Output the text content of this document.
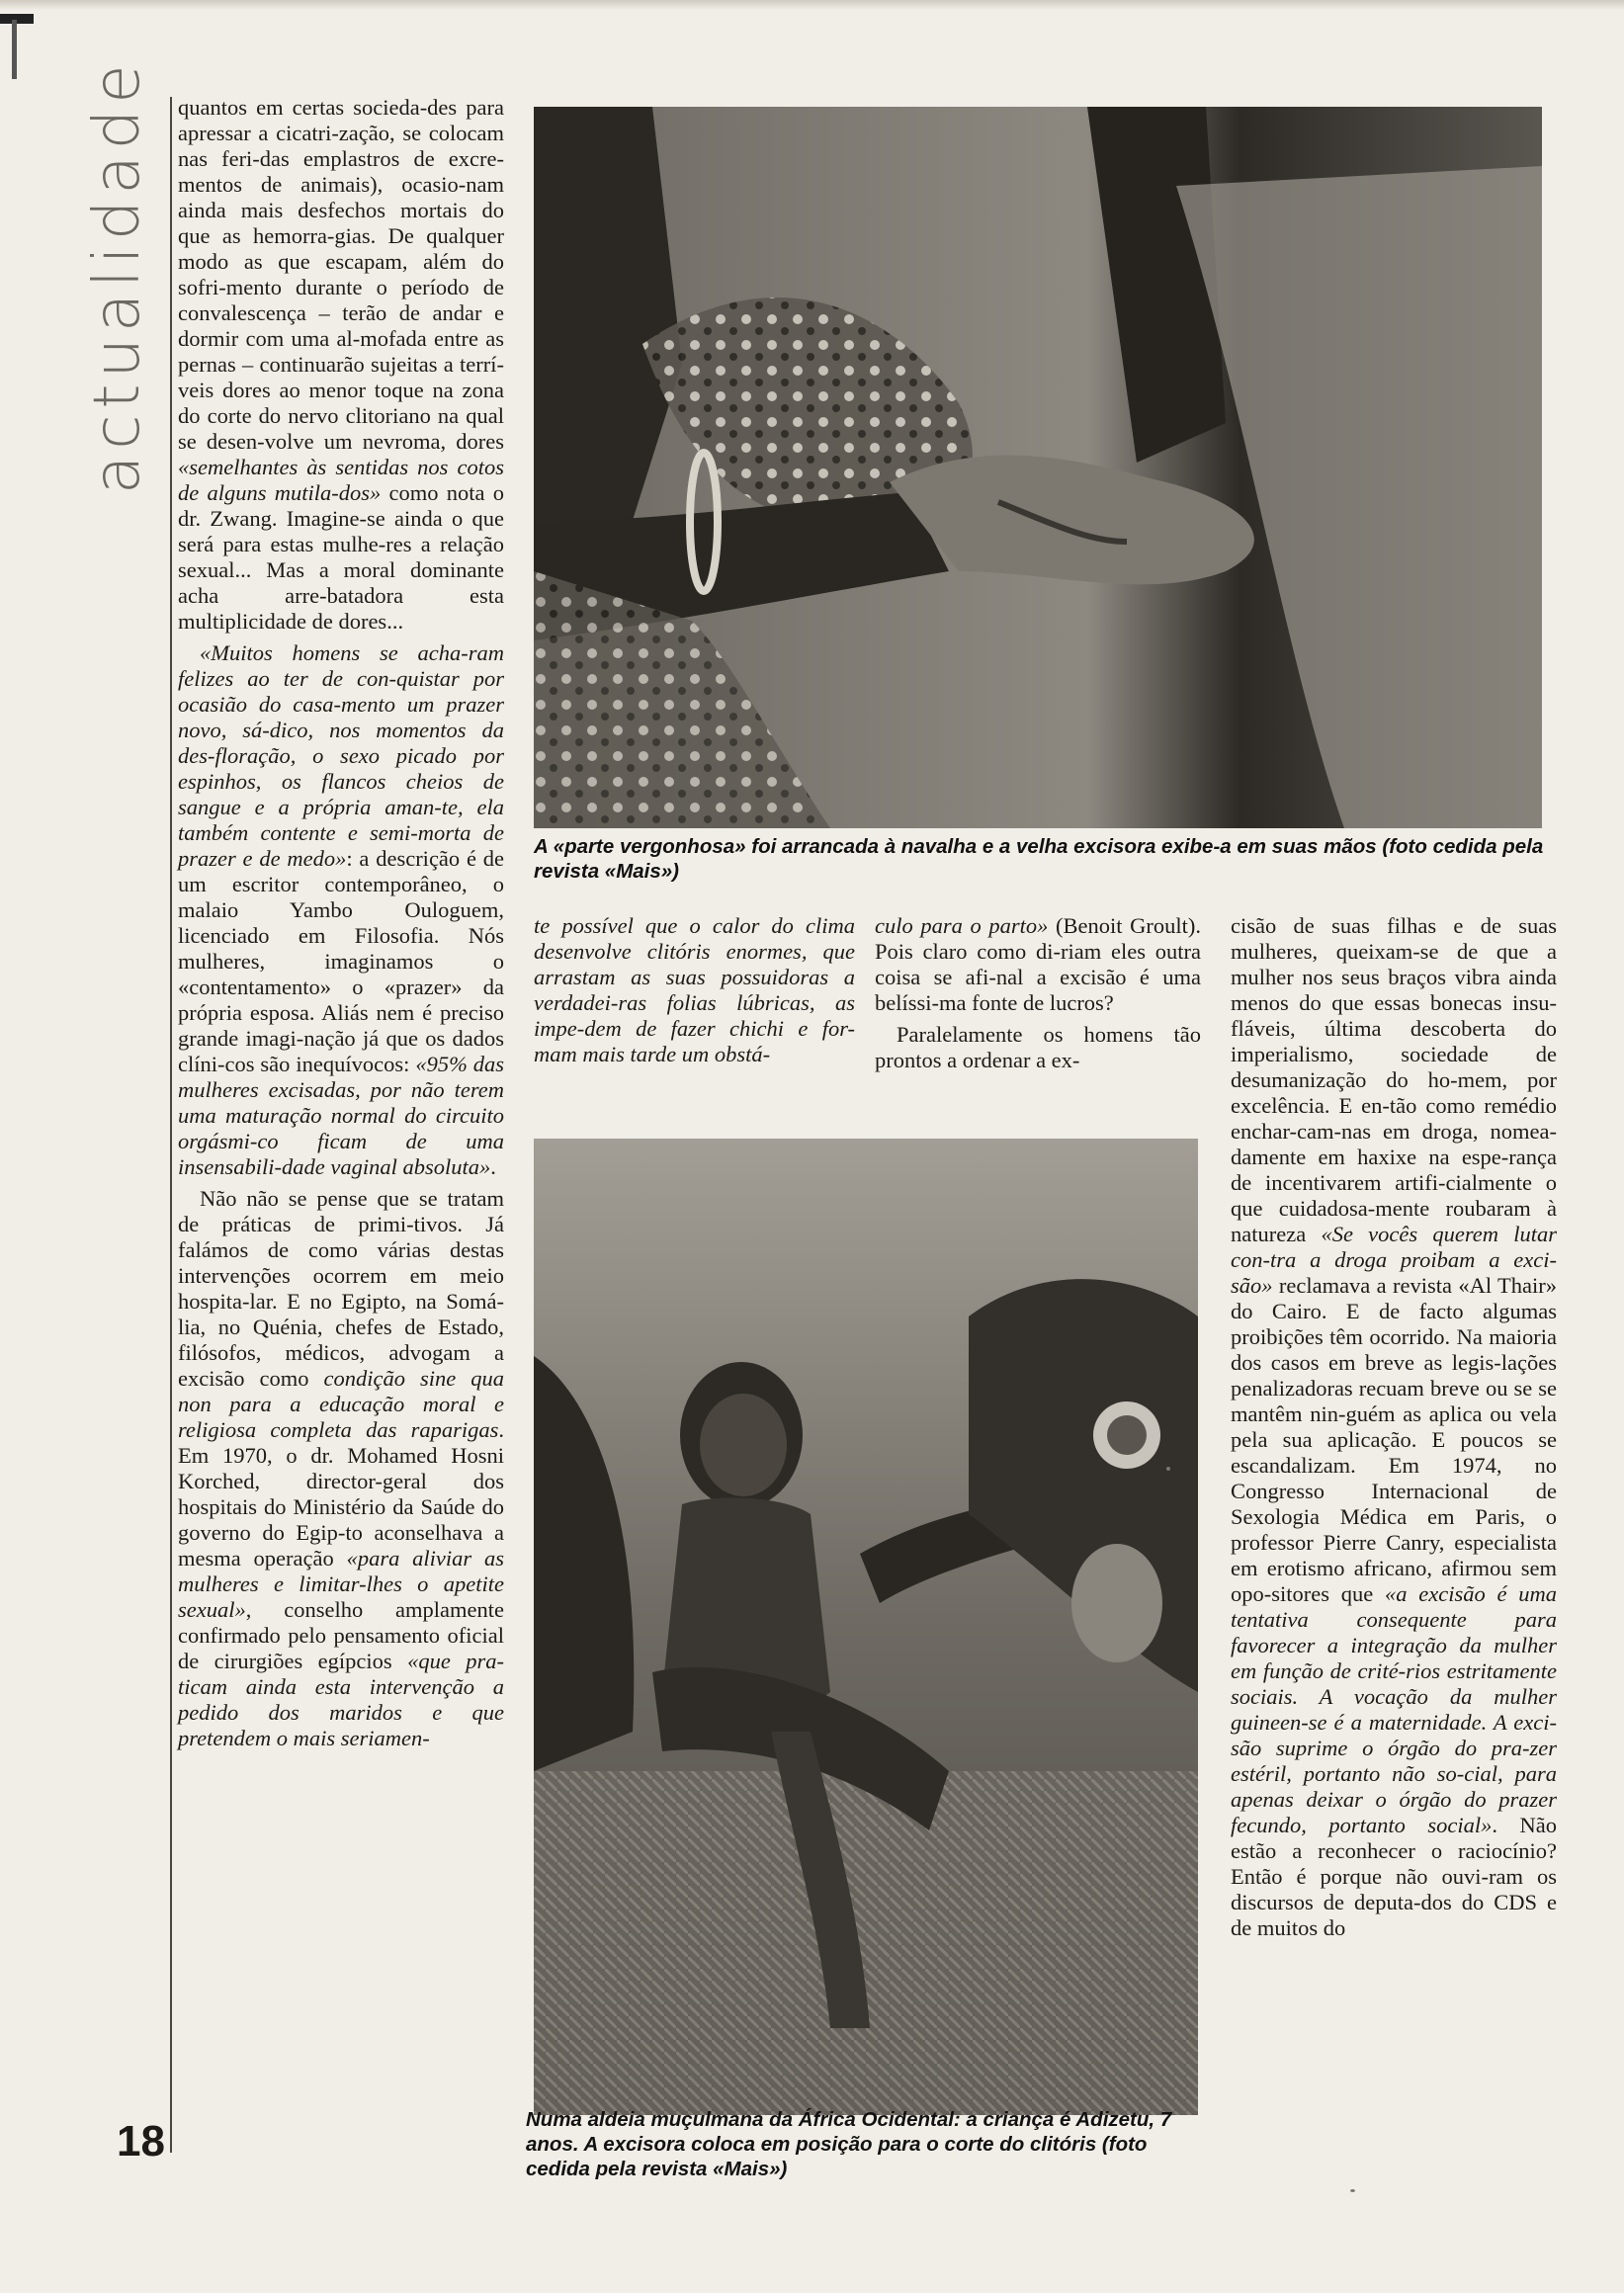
actualidade
18

quantos em certas socieda-des para apressar a cicatri-zação, se colocam nas feri-das emplastros de excre-mentos de animais), ocasio-nam ainda mais desfechos mortais do que as hemorra-gias. De qualquer modo as que escapam, além do sofri-mento durante o período de convalescença – terão de andar e dormir com uma al-mofada entre as pernas – continuarão sujeitas a terrí-veis dores ao menor toque na zona do corte do nervo clitoriano na qual se desen-volve um nevroma, dores «semelhantes às sentidas nos cotos de alguns mutila-dos» como nota o dr. Zwang. Imagine-se ainda o que será para estas mulhe-res a relação sexual... Mas a moral dominante acha arre-batadora esta multiplicidade de dores...

«Muitos homens se acha-ram felizes ao ter de con-quistar por ocasião do casa-mento um prazer novo, sá-dico, nos momentos da des-floração, o sexo picado por espinhos, os flancos cheios de sangue e a própria aman-te, ela também contente e semi-morta de prazer e de medo»: a descrição é de um escritor contemporâneo, o malaio Yambo Ouloguem, licenciado em Filosofia. Nós mulheres, imaginamos o «contentamento» o «prazer» da própria esposa. Aliás nem é preciso grande imagi-nação já que os dados clíni-cos são inequívocos: «95% das mulheres excisadas, por não terem uma maturação normal do circuito orgásmi-co ficam de uma insensabili-dade vaginal absoluta».

Não não se pense que se tratam de práticas de primi-tivos. Já falámos de como várias destas intervenções ocorrem em meio hospita-lar. E no Egipto, na Somá-lia, no Quénia, chefes de Estado, filósofos, médicos, advogam a excisão como condição sine qua non para a educação moral e religiosa completa das raparigas. Em 1970, o dr. Mohamed Hosni Korched, director-geral dos hospitais do Ministério da Saúde do governo do Egip-to aconselhava a mesma operação «para aliviar as mulheres e limitar-lhes o apetite sexual», conselho amplamente confirmado pelo pensamento oficial de cirurgiões egípcios «que pra-ticam ainda esta intervenção a pedido dos maridos e que pretendem o mais seriamen-

A «parte vergonhosa» foi arrancada à navalha e a velha excisora exibe-a em suas mãos (foto cedida pela revista «Mais»)

te possível que o calor do clima desenvolve clitóris enormes, que arrastam as suas possuidoras a verdadei-ras folias lúbricas, as impe-dem de fazer chichi e for-mam mais tarde um obstá-

culo para o parto» (Benoit Groult). Pois claro como di-riam eles outra coisa se afi-nal a excisão é uma belíssi-ma fonte de lucros?

Paralelamente os homens tão prontos a ordenar a ex-

Numa aldeia muçulmana da África Ocidental: a criança é Adizetu, 7 anos. A excisora coloca em posição para o corte do clitóris (foto cedida pela revista «Mais»)

cisão de suas filhas e de suas mulheres, queixam-se de que a mulher nos seus braços vibra ainda menos do que essas bonecas insu-fláveis, última descoberta do imperialismo, sociedade de desumanização do ho-mem, por excelência. E en-tão como remédio enchar-cam-nas em droga, nomea-damente em haxixe na espe-rança de incentivarem artifi-cialmente o que cuidadosa-mente roubaram à natureza «Se vocês querem lutar con-tra a droga proibam a exci-são» reclamava a revista «Al Thair» do Cairo. E de facto algumas proibições têm ocorrido. Na maioria dos casos em breve as legis-lações penalizadoras recuam breve ou se se mantêm nin-guém as aplica ou vela pela sua aplicação. E poucos se escandalizam. Em 1974, no Congresso Internacional de Sexologia Médica em Paris, o professor Pierre Canry, especialista em erotismo africano, afirmou sem opo-sitores que «a excisão é uma tentativa consequente para favorecer a integração da mulher em função de crité-rios estritamente sociais. A vocação da mulher guineen-se é a maternidade. A exci-são suprime o órgão do pra-zer estéril, portanto não so-cial, para apenas deixar o órgão do prazer fecundo, portanto social». Não estão a reconhecer o raciocínio? Então é porque não ouvi-ram os discursos de deputa-dos do CDS e de muitos do
